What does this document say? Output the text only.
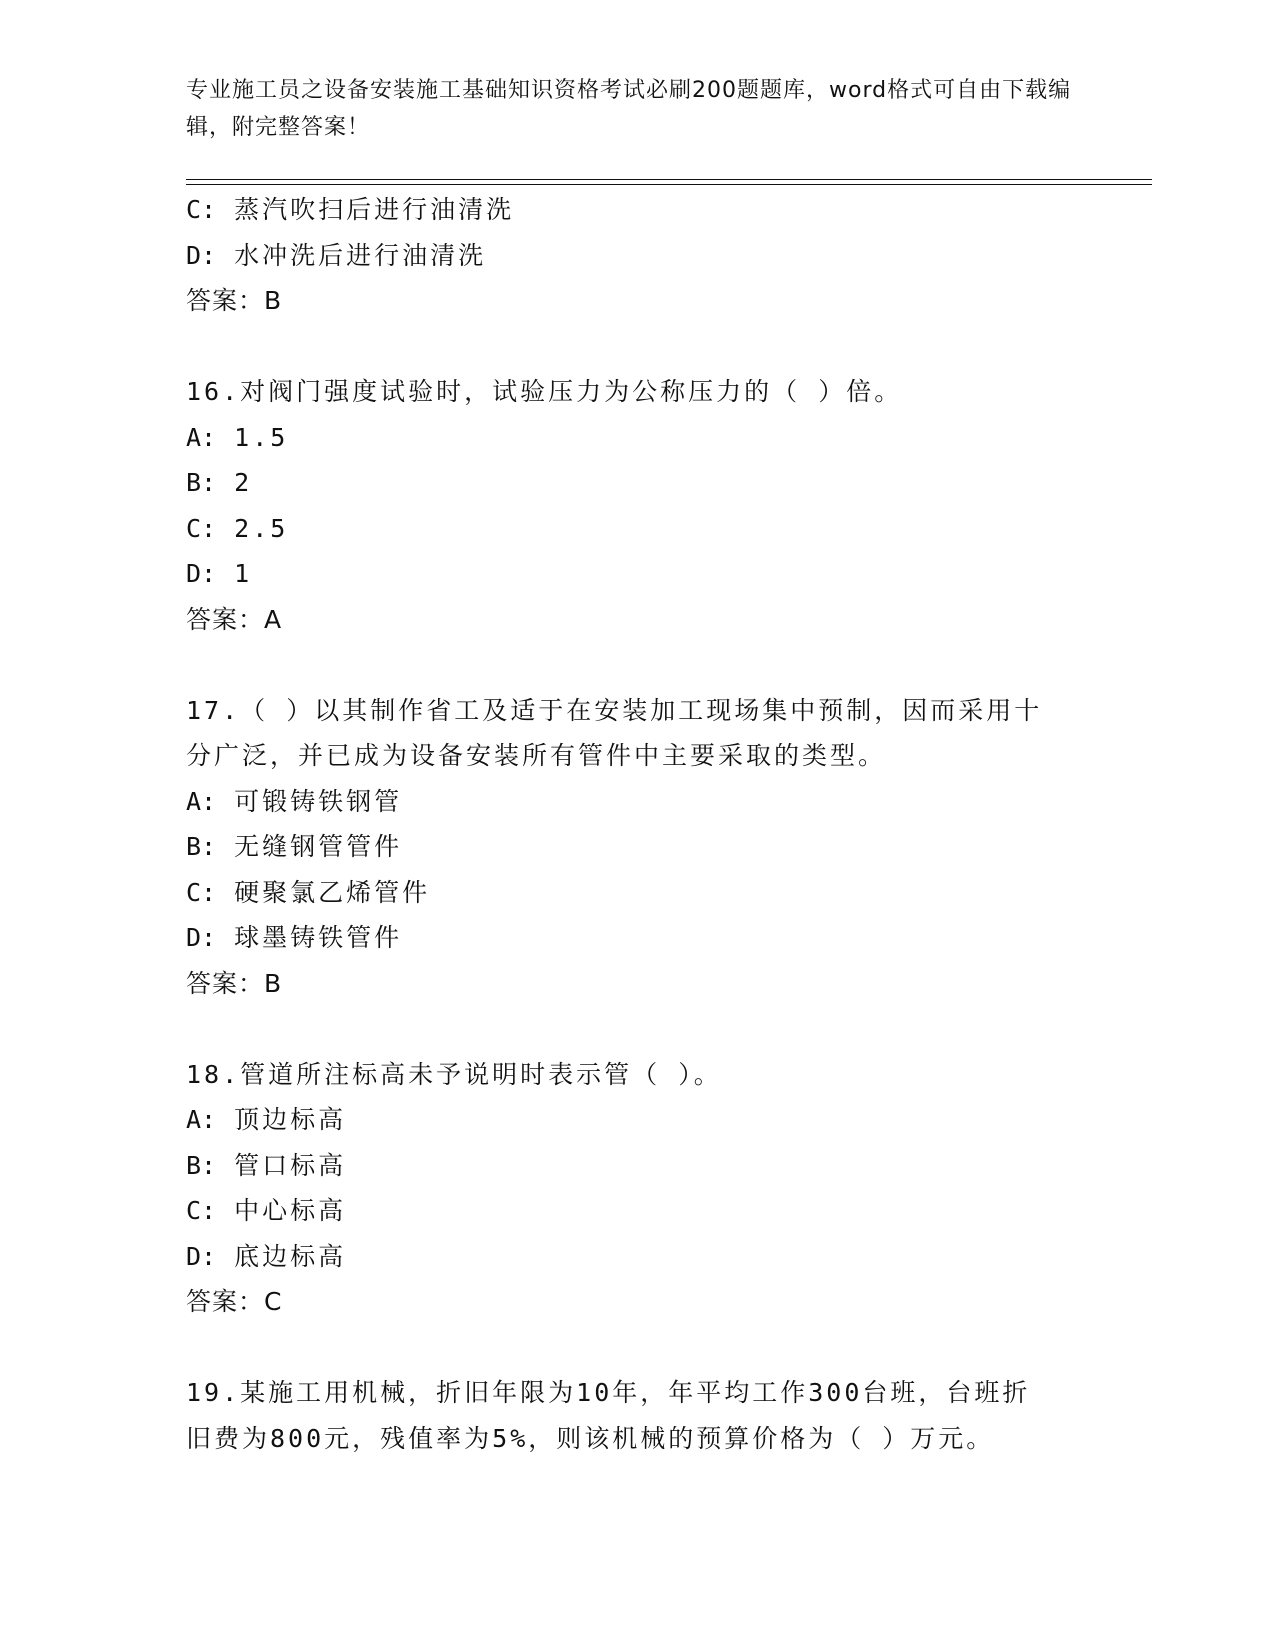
专业施工员之设备安装施工基础知识资格考试必刷200题题库，word格式可自由下载编辑，附完整答案！
C: 蒸汽吹扫后进行油清洗
D: 水冲洗后进行油清洗
答案：B
16.对阀门强度试验时，试验压力为公称压力的（ ）倍。
A: 1.5
B: 2
C: 2.5
D: 1
答案：A
17.（ ）以其制作省工及适于在安装加工现场集中预制，因而采用十
分广泛，并已成为设备安装所有管件中主要采取的类型。
A: 可锻铸铁钢管
B: 无缝钢管管件
C: 硬聚氯乙烯管件
D: 球墨铸铁管件
答案：B
18.管道所注标高未予说明时表示管（ ）。
A: 顶边标高
B: 管口标高
C: 中心标高
D: 底边标高
答案：C
19.某施工用机械，折旧年限为10年，年平均工作300台班，台班折
旧费为800元，残值率为5%，则该机械的预算价格为（ ）万元。
